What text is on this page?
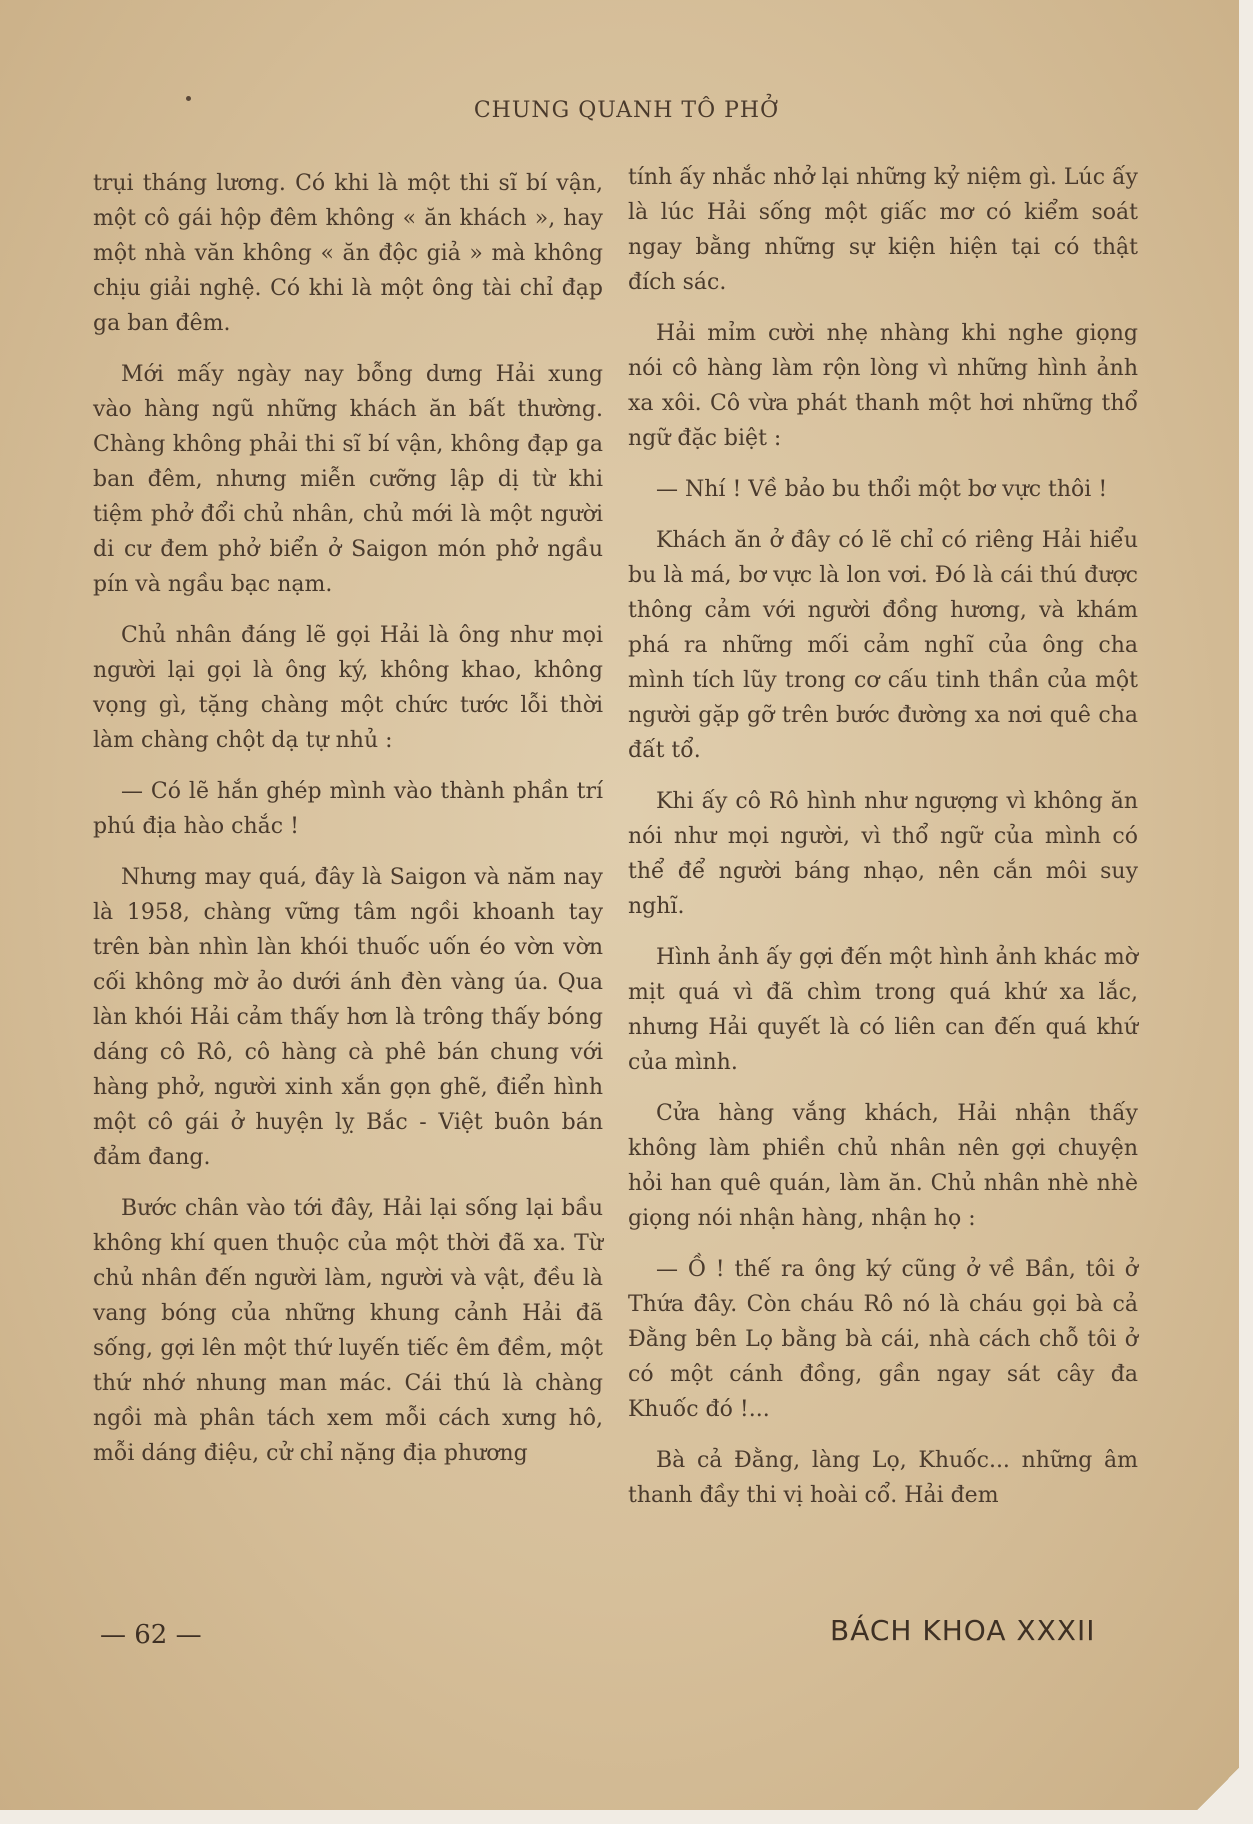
CHUNG QUANH TÔ PHỞ

trụi tháng lương. Có khi là một thi sĩ bí vận, một cô gái hộp đêm không « ăn khách », hay một nhà văn không « ăn độc giả » mà không chịu giải nghệ. Có khi là một ông tài chỉ đạp ga ban đêm.

Mới mấy ngày nay bỗng dưng Hải xung vào hàng ngũ những khách ăn bất thường. Chàng không phải thi sĩ bí vận, không đạp ga ban đêm, nhưng miễn cưỡng lập dị từ khi tiệm phở đổi chủ nhân, chủ mới là một người di cư đem phở biển ở Saigon món phở ngầu pín và ngầu bạc nạm.

Chủ nhân đáng lẽ gọi Hải là ông như mọi người lại gọi là ông ký, không khao, không vọng gì, tặng chàng một chức tước lỗi thời làm chàng chột dạ tự nhủ :

— Có lẽ hắn ghép mình vào thành phần trí phú địa hào chắc !

Nhưng may quá, đây là Saigon và năm nay là 1958, chàng vững tâm ngồi khoanh tay trên bàn nhìn làn khói thuốc uốn éo vờn vờn cối không mờ ảo dưới ánh đèn vàng úa. Qua làn khói Hải cảm thấy hơn là trông thấy bóng dáng cô Rô, cô hàng cà phê bán chung với hàng phở, người xinh xắn gọn ghẽ, điển hình một cô gái ở huyện lỵ Bắc - Việt buôn bán đảm đang.

Bước chân vào tới đây, Hải lại sống lại bầu không khí quen thuộc của một thời đã xa. Từ chủ nhân đến người làm, người và vật, đều là vang bóng của những khung cảnh Hải đã sống, gợi lên một thứ luyến tiếc êm đềm, một thứ nhớ nhung man mác. Cái thú là chàng ngồi mà phân tách xem mỗi cách xưng hô, mỗi dáng điệu, cử chỉ nặng địa phương

tính ấy nhắc nhở lại những kỷ niệm gì. Lúc ấy là lúc Hải sống một giấc mơ có kiểm soát ngay bằng những sự kiện hiện tại có thật đích sác.

Hải mỉm cười nhẹ nhàng khi nghe giọng nói cô hàng làm rộn lòng vì những hình ảnh xa xôi. Cô vừa phát thanh một hơi những thổ ngữ đặc biệt :

— Nhí ! Về bảo bu thổi một bơ vực thôi !

Khách ăn ở đây có lẽ chỉ có riêng Hải hiểu bu là má, bơ vực là lon vơi. Đó là cái thú được thông cảm với người đồng hương, và khám phá ra những mối cảm nghĩ của ông cha mình tích lũy trong cơ cấu tinh thần của một người gặp gỡ trên bước đường xa nơi quê cha đất tổ.

Khi ấy cô Rô hình như ngượng vì không ăn nói như mọi người, vì thổ ngữ của mình có thể để người báng nhạo, nên cắn môi suy nghĩ.

Hình ảnh ấy gợi đến một hình ảnh khác mờ mịt quá vì đã chìm trong quá khứ xa lắc, nhưng Hải quyết là có liên can đến quá khứ của mình.

Cửa hàng vắng khách, Hải nhận thấy không làm phiền chủ nhân nên gợi chuyện hỏi han quê quán, làm ăn. Chủ nhân nhè nhè giọng nói nhận hàng, nhận họ :

— Ồ ! thế ra ông ký cũng ở về Bần, tôi ở Thứa đây. Còn cháu Rô nó là cháu gọi bà cả Đằng bên Lọ bằng bà cái, nhà cách chỗ tôi ở có một cánh đồng, gần ngay sát cây đa Khuốc đó !...

Bà cả Đằng, làng Lọ, Khuốc... những âm thanh đầy thi vị hoài cổ. Hải đem

— 62 —	BÁCH KHOA XXXII
